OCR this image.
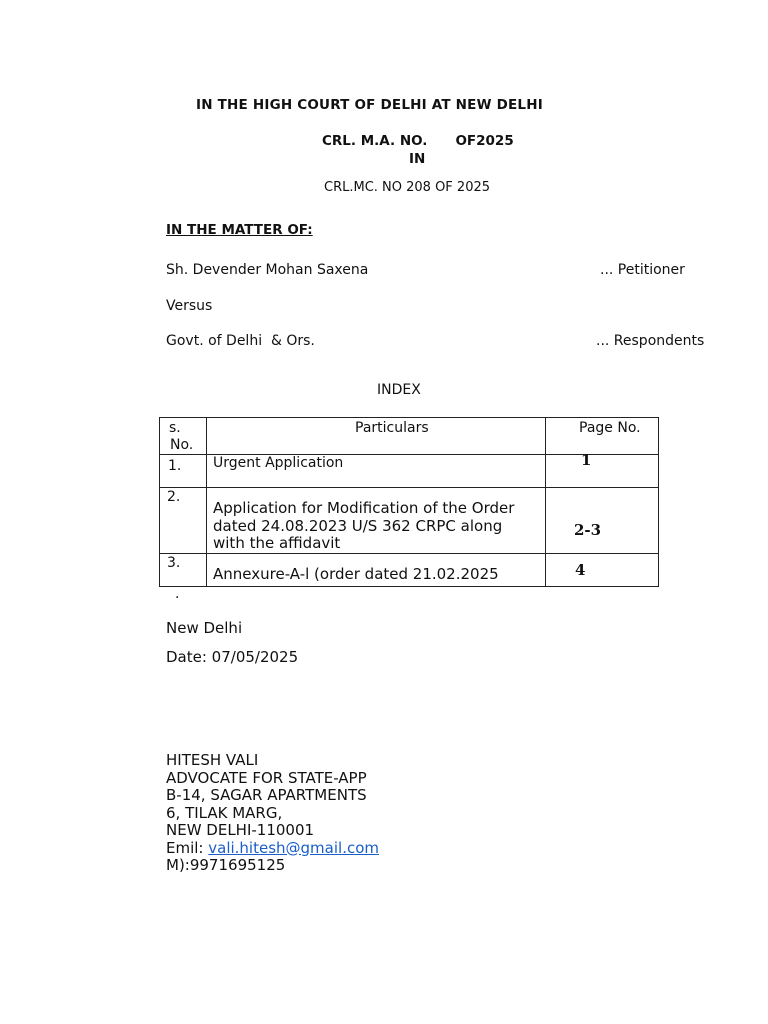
IN THE HIGH COURT OF DELHI AT NEW DELHI
CRL. M.A. NO. OF2025
IN
CRL.MC. NO 208 OF 2025
IN THE MATTER OF:
Sh. Devender Mohan Saxena	... Petitioner
Versus
Govt. of Delhi  & Ors.	... Respondents
INDEX
s.
No.	Particulars	Page No.

1.	Urgent Application	1

2.	Application for Modification of the Order
dated 24.08.2023 U/S 362 CRPC along
with the affidavit	2-3

3.	Annexure-A-l (order dated 21.02.2025	4
.
New Delhi
Date: 07/05/2025
HITESH VALI
ADVOCATE FOR STATE-APP
B-14, SAGAR APARTMENTS
6, TILAK MARG,
NEW DELHI-110001
Emil: vali.hitesh@gmail.com
M):9971695125
